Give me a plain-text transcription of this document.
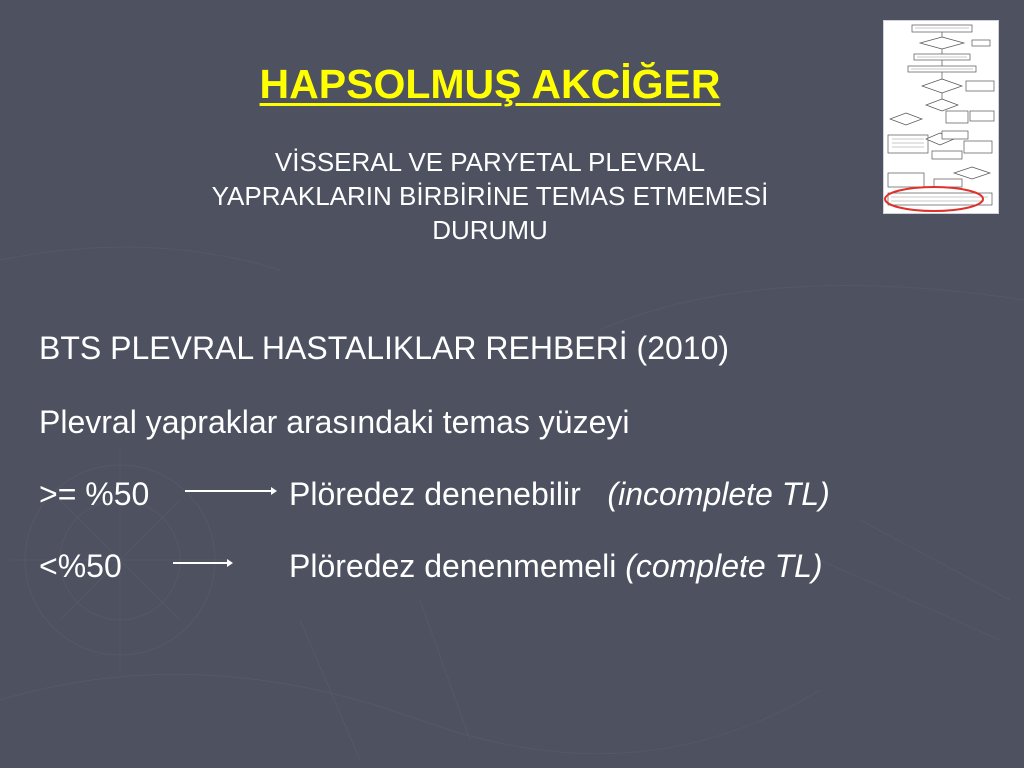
HAPSOLMUŞ AKCİĞER
VİSSERAL VE PARYETAL PLEVRAL
YAPRAKLARIN BİRBİRİNE TEMAS ETMEMESİ
DURUMU
BTS PLEVRAL HASTALIKLAR REHBERİ (2010)
Plevral yapraklar arasındaki temas yüzeyi
>= %50	Plöredez denenebilir (incomplete TL)
<%50	Plöredez denenmemeli (complete TL)
